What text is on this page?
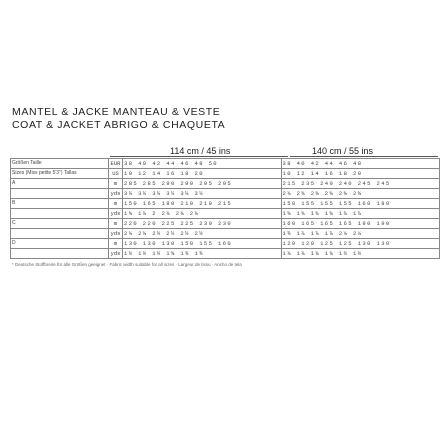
MANTEL & JACKE MANTEAU & VESTE
COAT & JACKET ABRIGO & CHAQUETA
114 cm / 45 ins	140 cm / 55 ins
Größen Taille	EUR	38 40 42 44 46 48 50	38 40 42 44 46 48
Sizes (Miss petite 5'3") Tallas	US	10 12 14 16 18 20	10 12 14 16 18 20
A	m	285 285 290 290 295 295	215 235 240 240 245 245
	yds	3¼ 3¼ 3¼ 3¼ 3¼ 3¼	2⅜ 2⅝ 2⅝ 2⅝ 2⅝ 2⅝
B	m	150 165 180 210 210 215	150 155 155 155 160 180
	yds	1⅝ 1⅞ 2 2⅜ 2⅜ 2⅜	1⅝ 1⅝ 1⅝ 1⅝ 1⅞ 1⅞
C	m	220 220 225 225 230 230	160 165 165 165 190 190
	yds	2⅜ 2⅜ 2½ 2½ 2½ 2½	1¾ 1⅞ 1⅞ 1⅞ 2⅛ 2⅛
D	m	130 130 130 150 155 160	120 120 125 125 130 130
	yds	1½ 1½ 1½ 1⅝ 1¾ 1¾	1⅜ 1⅜ 1⅜ 1⅜ 1½ 1½
* Deutsche Stoffbreite für alle Größen geeignet · Fabric width suitable for all sizes · Largeur de tissu · Ancho de tela
